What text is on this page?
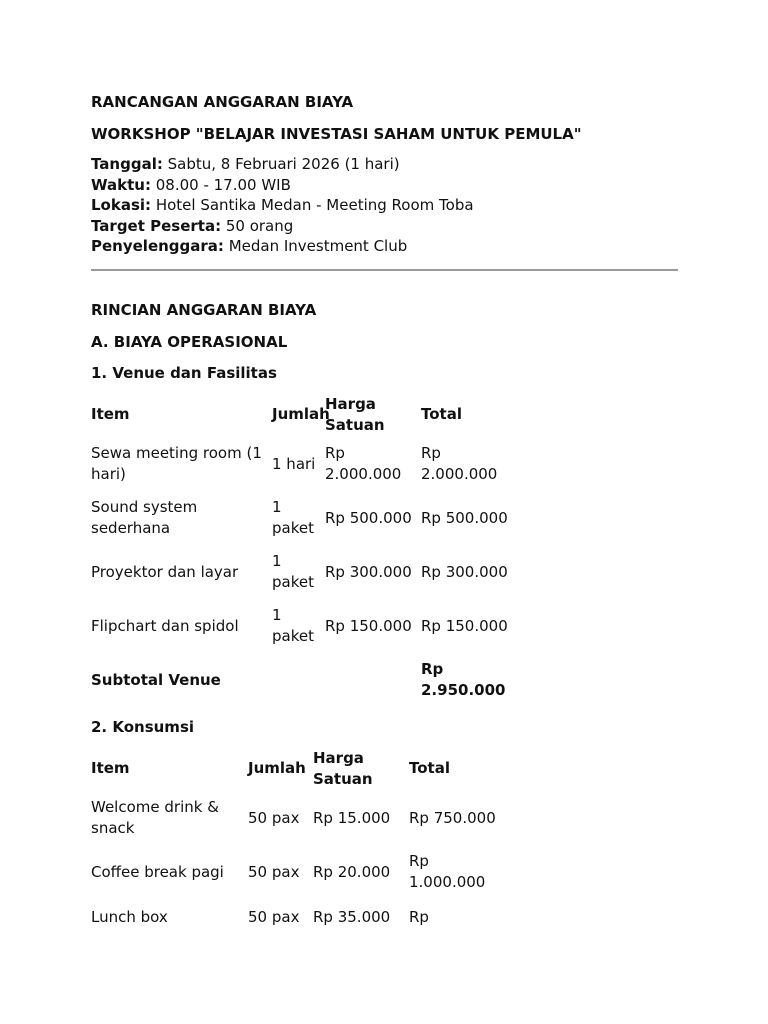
RANCANGAN ANGGARAN BIAYA
WORKSHOP "BELAJAR INVESTASI SAHAM UNTUK PEMULA"
Tanggal: Sabtu, 8 Februari 2026 (1 hari)
Waktu: 08.00 - 17.00 WIB
Lokasi: Hotel Santika Medan - Meeting Room Toba
Target Peserta: 50 orang
Penyelenggara: Medan Investment Club
RINCIAN ANGGARAN BIAYA
A. BIAYA OPERASIONAL
1. Venue dan Fasilitas
Item	Jumlah	Harga Satuan	Total
Sewa meeting room (1 hari)	1 hari	Rp 2.000.000	Rp 2.000.000
Sound system sederhana	1 paket	Rp 500.000	Rp 500.000
Proyektor dan layar	1 paket	Rp 300.000	Rp 300.000
Flipchart dan spidol	1 paket	Rp 150.000	Rp 150.000
Subtotal Venue			Rp 2.950.000
2. Konsumsi
Item	Jumlah	Harga Satuan	Total
Welcome drink & snack	50 pax	Rp 15.000	Rp 750.000
Coffee break pagi	50 pax	Rp 20.000	Rp 1.000.000
Lunch box	50 pax	Rp 35.000	Rp
